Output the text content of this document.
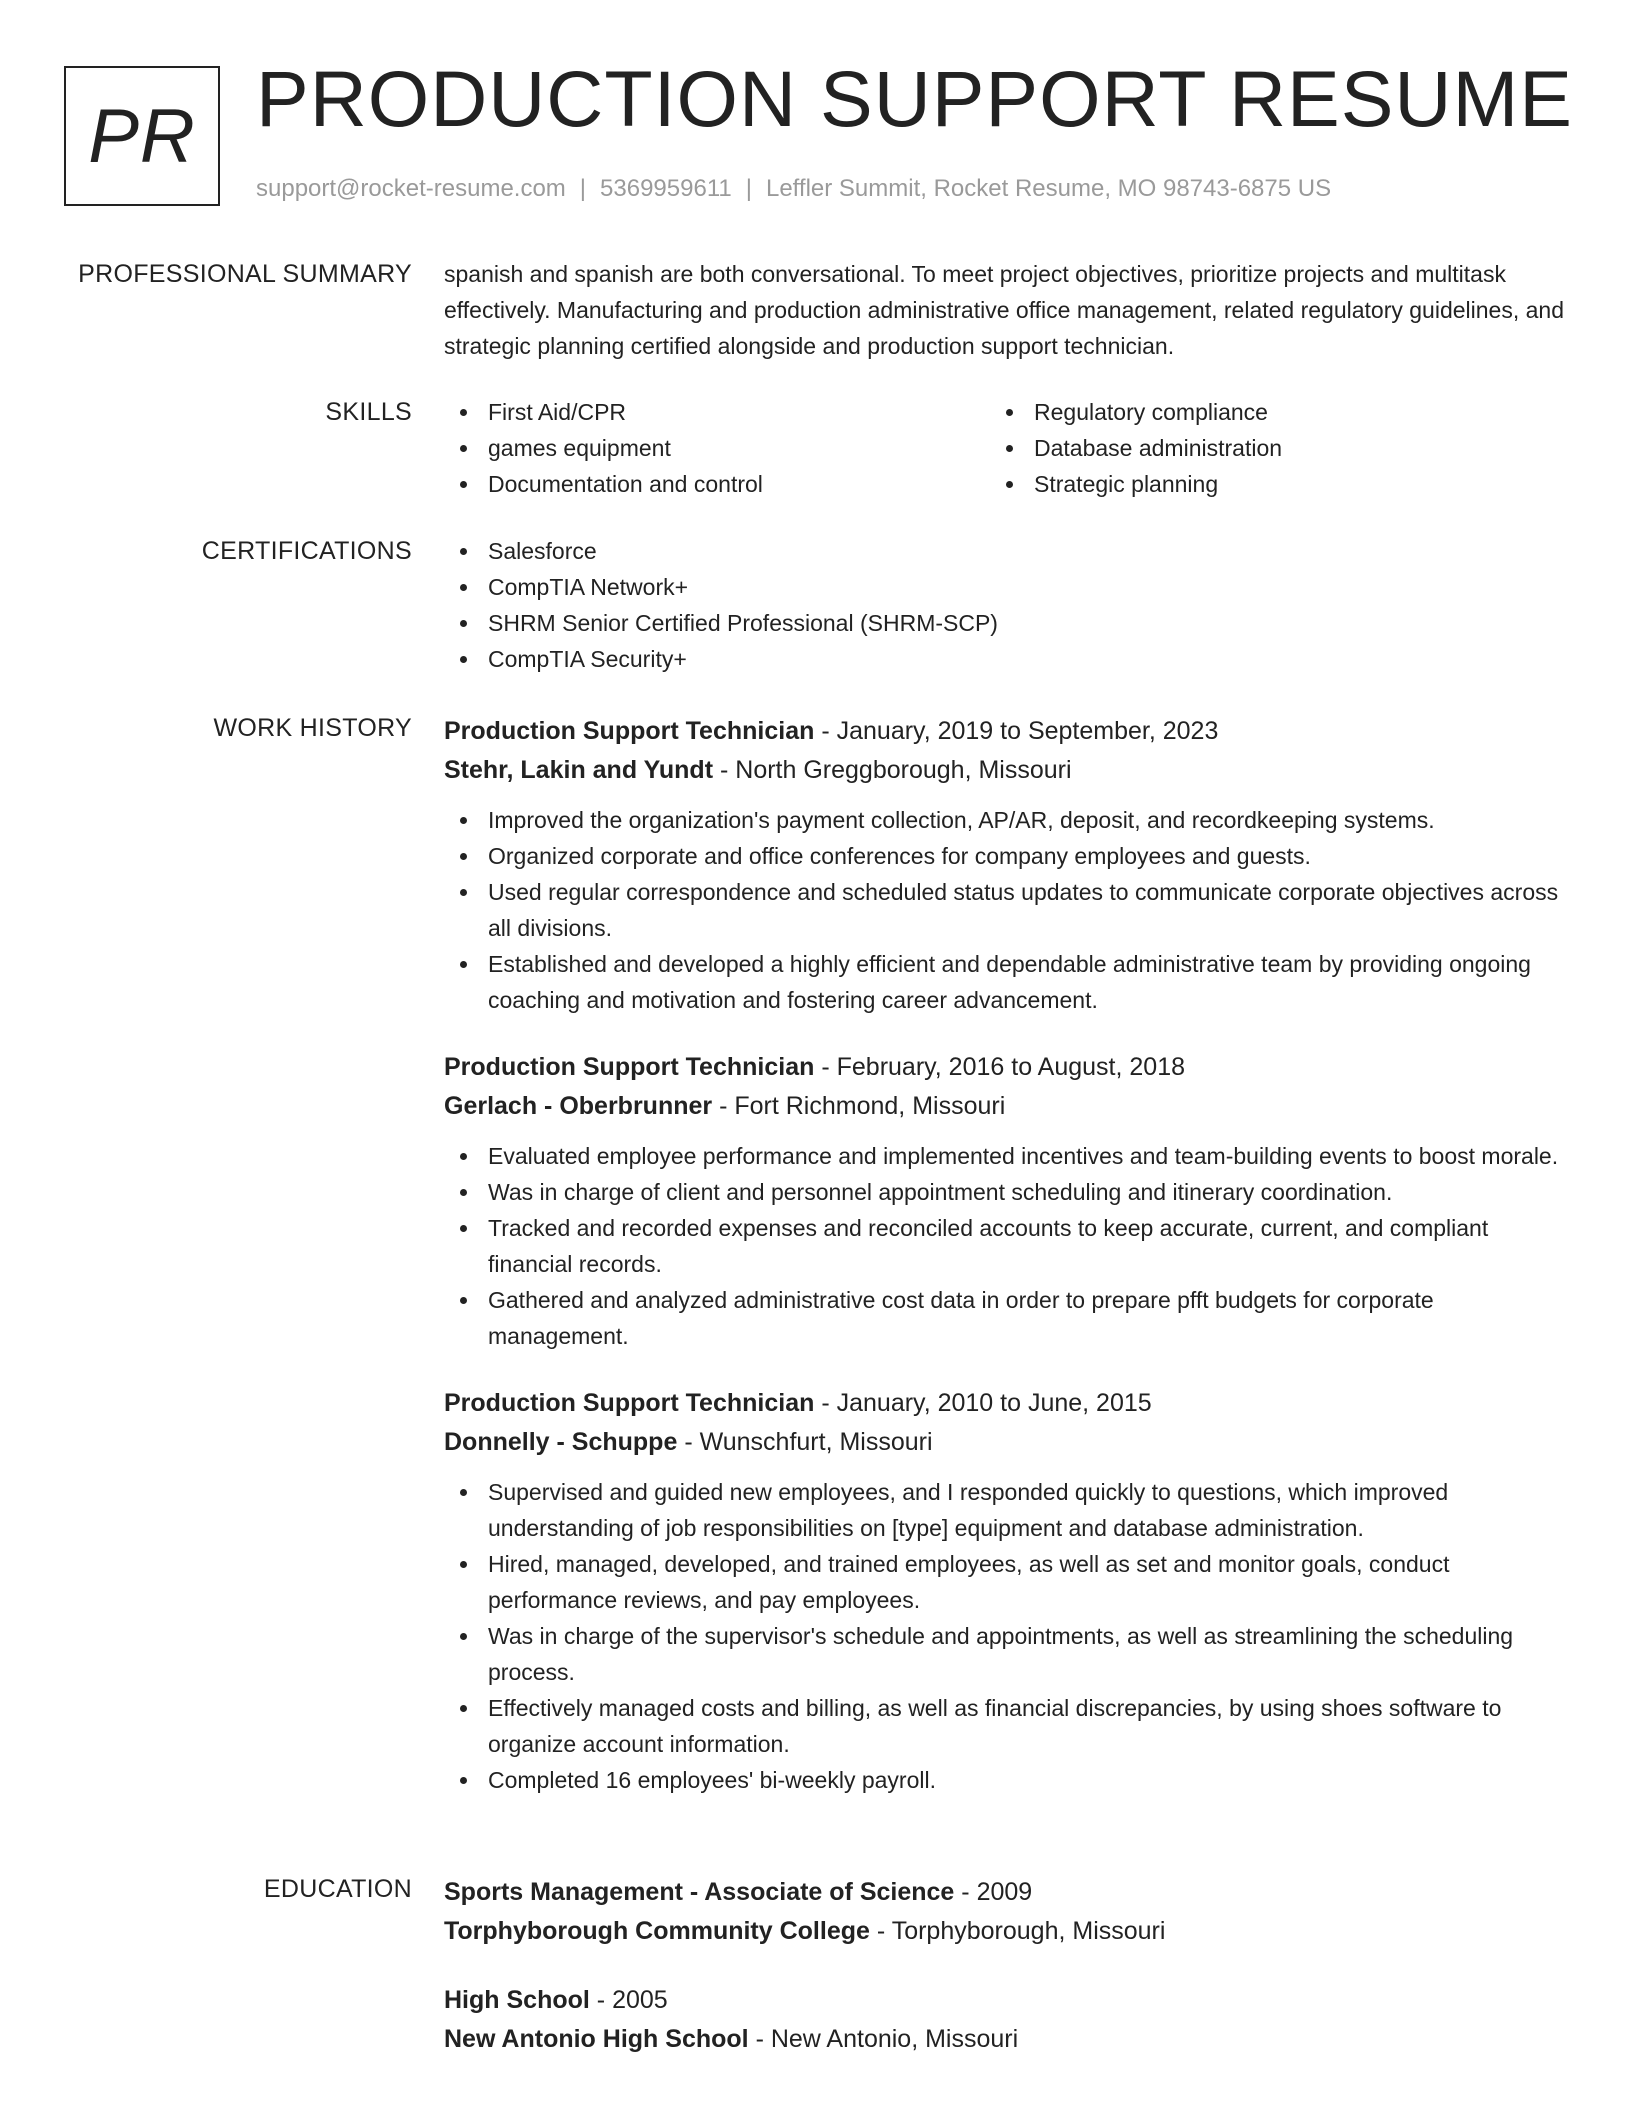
PR PRODUCTION SUPPORT RESUME
support@rocket-resume.com | 5369959611 | Leffler Summit, Rocket Resume, MO 98743-6875 US
PROFESSIONAL SUMMARY spanish and spanish are both conversational. To meet project objectives, prioritize projects and multitask effectively. Manufacturing and production administrative office management, related regulatory guidelines, and strategic planning certified alongside and production support technician.

SKILLS	First Aid/CPR
games equipment
Documentation and control
Regulatory compliance
Database administration
Strategic planning
CERTIFICATIONS	Salesforce
CompTIA Network+
SHRM Senior Certified Professional (SHRM-SCP)
CompTIA Security+
WORK HISTORY Production Support Technician - January, 2019 to September, 2023
Stehr, Lakin and Yundt - North Greggborough, Missouri
Improved the organization's payment collection, AP/AR, deposit, and recordkeeping systems.
Organized corporate and office conferences for company employees and guests.
Used regular correspondence and scheduled status updates to communicate corporate objectives across all divisions.
Established and developed a highly efficient and dependable administrative team by providing ongoing coaching and motivation and fostering career advancement.
Production Support Technician - February, 2016 to August, 2018
Gerlach - Oberbrunner - Fort Richmond, Missouri
Evaluated employee performance and implemented incentives and team-building events to boost morale.
Was in charge of client and personnel appointment scheduling and itinerary coordination.
Tracked and recorded expenses and reconciled accounts to keep accurate, current, and compliant financial records.
Gathered and analyzed administrative cost data in order to prepare pfft budgets for corporate management.
Production Support Technician - January, 2010 to June, 2015
Donnelly - Schuppe - Wunschfurt, Missouri
Supervised and guided new employees, and I responded quickly to questions, which improved understanding of job responsibilities on [type] equipment and database administration.
Hired, managed, developed, and trained employees, as well as set and monitor goals, conduct performance reviews, and pay employees.
Was in charge of the supervisor's schedule and appointments, as well as streamlining the scheduling process.
Effectively managed costs and billing, as well as financial discrepancies, by using shoes software to organize account information.
Completed 16 employees' bi-weekly payroll.
EDUCATION Sports Management - Associate of Science - 2009
Torphyborough Community College - Torphyborough, Missouri
High School - 2005
New Antonio High School - New Antonio, Missouri
